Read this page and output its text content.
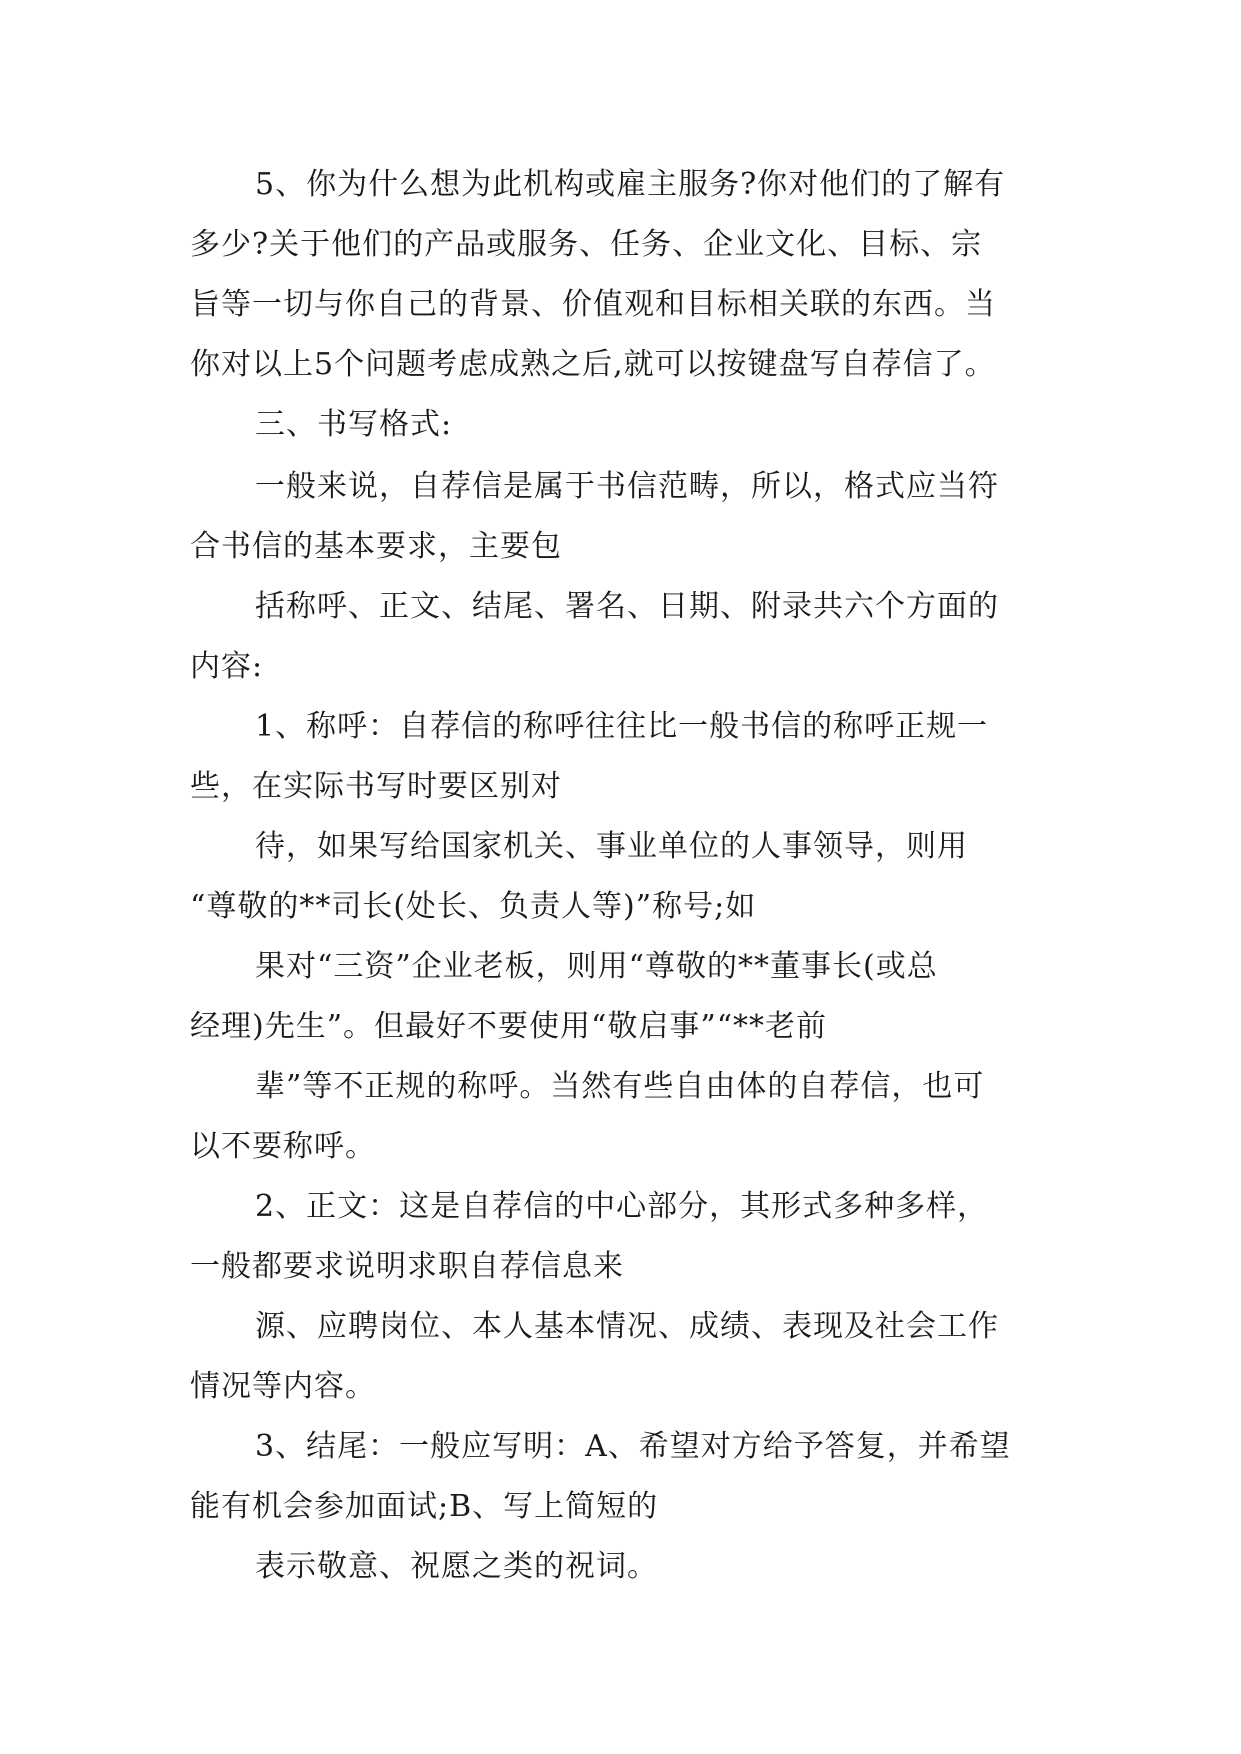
5、你为什么想为此机构或雇主服务?你对他们的了解有
多少?关于他们的产品或服务、任务、企业文化、目标、宗
旨等一切与你自己的背景、价值观和目标相关联的东西。当
你对以上5个问题考虑成熟之后,就可以按键盘写自荐信了。
三、书写格式:
一般来说，自荐信是属于书信范畴，所以，格式应当符
合书信的基本要求，主要包
括称呼、正文、结尾、署名、日期、附录共六个方面的
内容:
1、称呼：自荐信的称呼往往比一般书信的称呼正规一
些，在实际书写时要区别对
待，如果写给国家机关、事业单位的人事领导，则用
“尊敬的**司长(处长、负责人等)”称号;如
果对“三资”企业老板，则用“尊敬的**董事长(或总
经理)先生”。但最好不要使用“敬启事”“**老前
辈”等不正规的称呼。当然有些自由体的自荐信，也可
以不要称呼。
2、正文：这是自荐信的中心部分，其形式多种多样，
一般都要求说明求职自荐信息来
源、应聘岗位、本人基本情况、成绩、表现及社会工作
情况等内容。
3、结尾：一般应写明：A、希望对方给予答复，并希望
能有机会参加面试;B、写上简短的
表示敬意、祝愿之类的祝词。
